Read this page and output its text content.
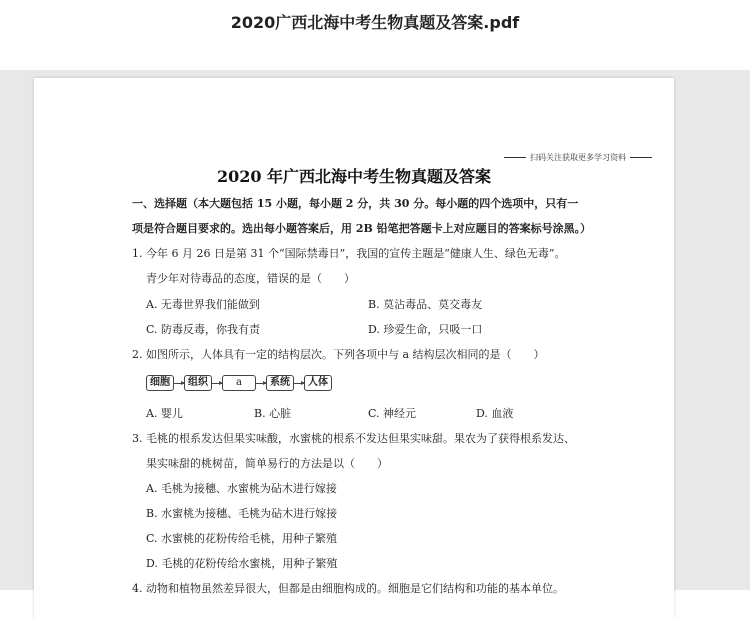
2020广西北海中考生物真题及答案.pdf
扫码关注获取更多学习资料
2020 年广西北海中考生物真题及答案
一、选择题（本大题包括 15 小题，每小题 2 分，共 30 分。每小题的四个选项中，只有一
项是符合题目要求的。选出每小题答案后，用 2B 铅笔把答题卡上对应题目的答案标号涂黑。）
1. 今年 6 月 26 日是第 31 个“国际禁毒日”，我国的宣传主题是“健康人生、绿色无毒”。
青少年对待毒品的态度，错误的是（　　）
A. 无毒世界我们能做到	B. 莫沾毒品、莫交毒友
C. 防毒反毒，你我有责	D. 珍爱生命，只吸一口
2. 如图所示，人体具有一定的结构层次。下列各项中与 a 结构层次相同的是（　　）
细胞	组织	a	系统	人体
A. 婴儿	B. 心脏	C. 神经元	D. 血液
3. 毛桃的根系发达但果实味酸，水蜜桃的根系不发达但果实味甜。果农为了获得根系发达、
果实味甜的桃树苗，简单易行的方法是以（　　）
A. 毛桃为接穗、水蜜桃为砧木进行嫁接
B. 水蜜桃为接穗、毛桃为砧木进行嫁接
C. 水蜜桃的花粉传给毛桃，用种子繁殖
D. 毛桃的花粉传给水蜜桃，用种子繁殖
4. 动物和植物虽然差异很大，但都是由细胞构成的。细胞是它们结构和功能的基本单位。
